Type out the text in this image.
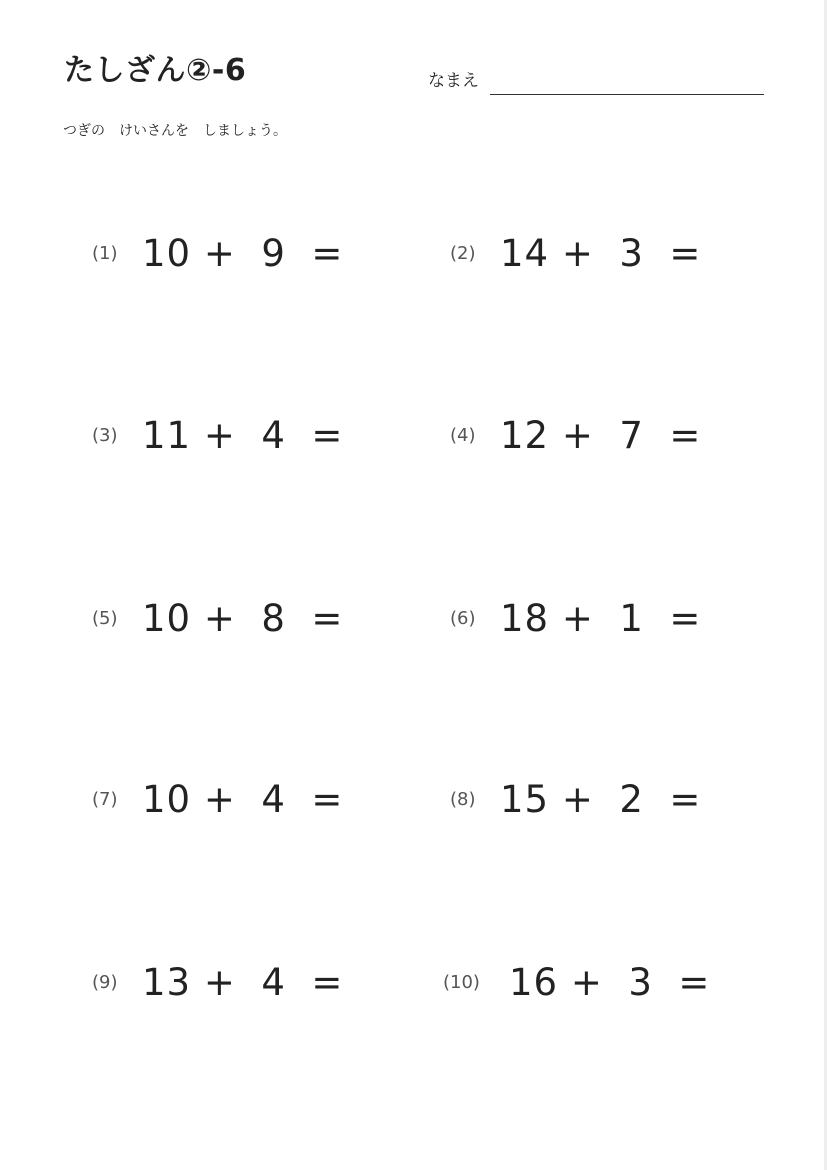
たしざん②-6	なまえ
つぎの　けいさんを　しましょう。
(1) 10 +  9  =	(2) 14 +  3  =
(3) 11 +  4  =	(4) 12 +  7  =
(5) 10 +  8  =	(6) 18 +  1  =
(7) 10 +  4  =	(8) 15 +  2  =
(9) 13 +  4  =	(10) 16 +  3  =
